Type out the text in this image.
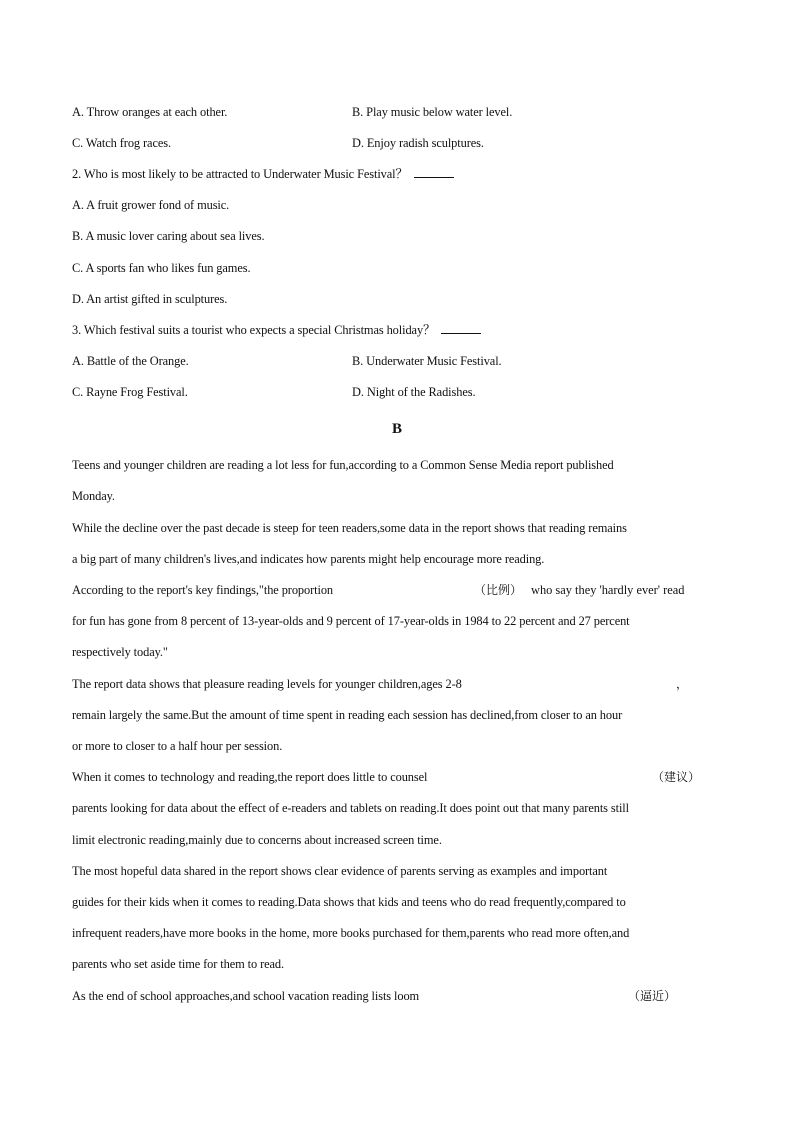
A. Throw oranges at each other.	B. Play music below water level.
C. Watch frog races.	D. Enjoy radish sculptures.
2. Who is most likely to be attracted to Underwater Music Festival？
A. A fruit grower fond of music.
B. A music lover caring about sea lives.
C. A sports fan who likes fun games.
D. An artist gifted in sculptures.
3. Which festival suits a tourist who expects a special Christmas holiday？
A. Battle of the Orange.	B. Underwater Music Festival.
C. Rayne Frog Festival.	D. Night of the Radishes.
B
Teens and younger children are reading a lot less for fun,according to a Common Sense Media report published
Monday.
While the decline over the past decade is steep for teen readers,some data in the report shows that reading remains
a big part of many children's lives,and indicates how parents might help encourage more reading.
According to the report's key findings,"the proportion	（比例） who say they 'hardly ever' read
for fun has gone from 8 percent of 13-year-olds and 9 percent of 17-year-olds in 1984 to 22 percent and 27 percent
respectively today."
The report data shows that pleasure reading levels for younger children,ages 2-8	，
remain largely the same.But the amount of time spent in reading each session has declined,from closer to an hour
or more to closer to a half hour per session.
When it comes to technology and reading,the report does little to counsel	（建议）
parents looking for data about the effect of e-readers and tablets on reading.It does point out that many parents still
limit electronic reading,mainly due to concerns about increased screen time.
The most hopeful data shared in the report shows clear evidence of parents serving as examples and important
guides for their kids when it comes to reading.Data shows that kids and teens who do read frequently,compared to
infrequent readers,have more books in the home, more books purchased for them,parents who read more often,and
parents who set aside time for them to read.
As the end of school approaches,and school vacation reading lists loom	（逼近）
